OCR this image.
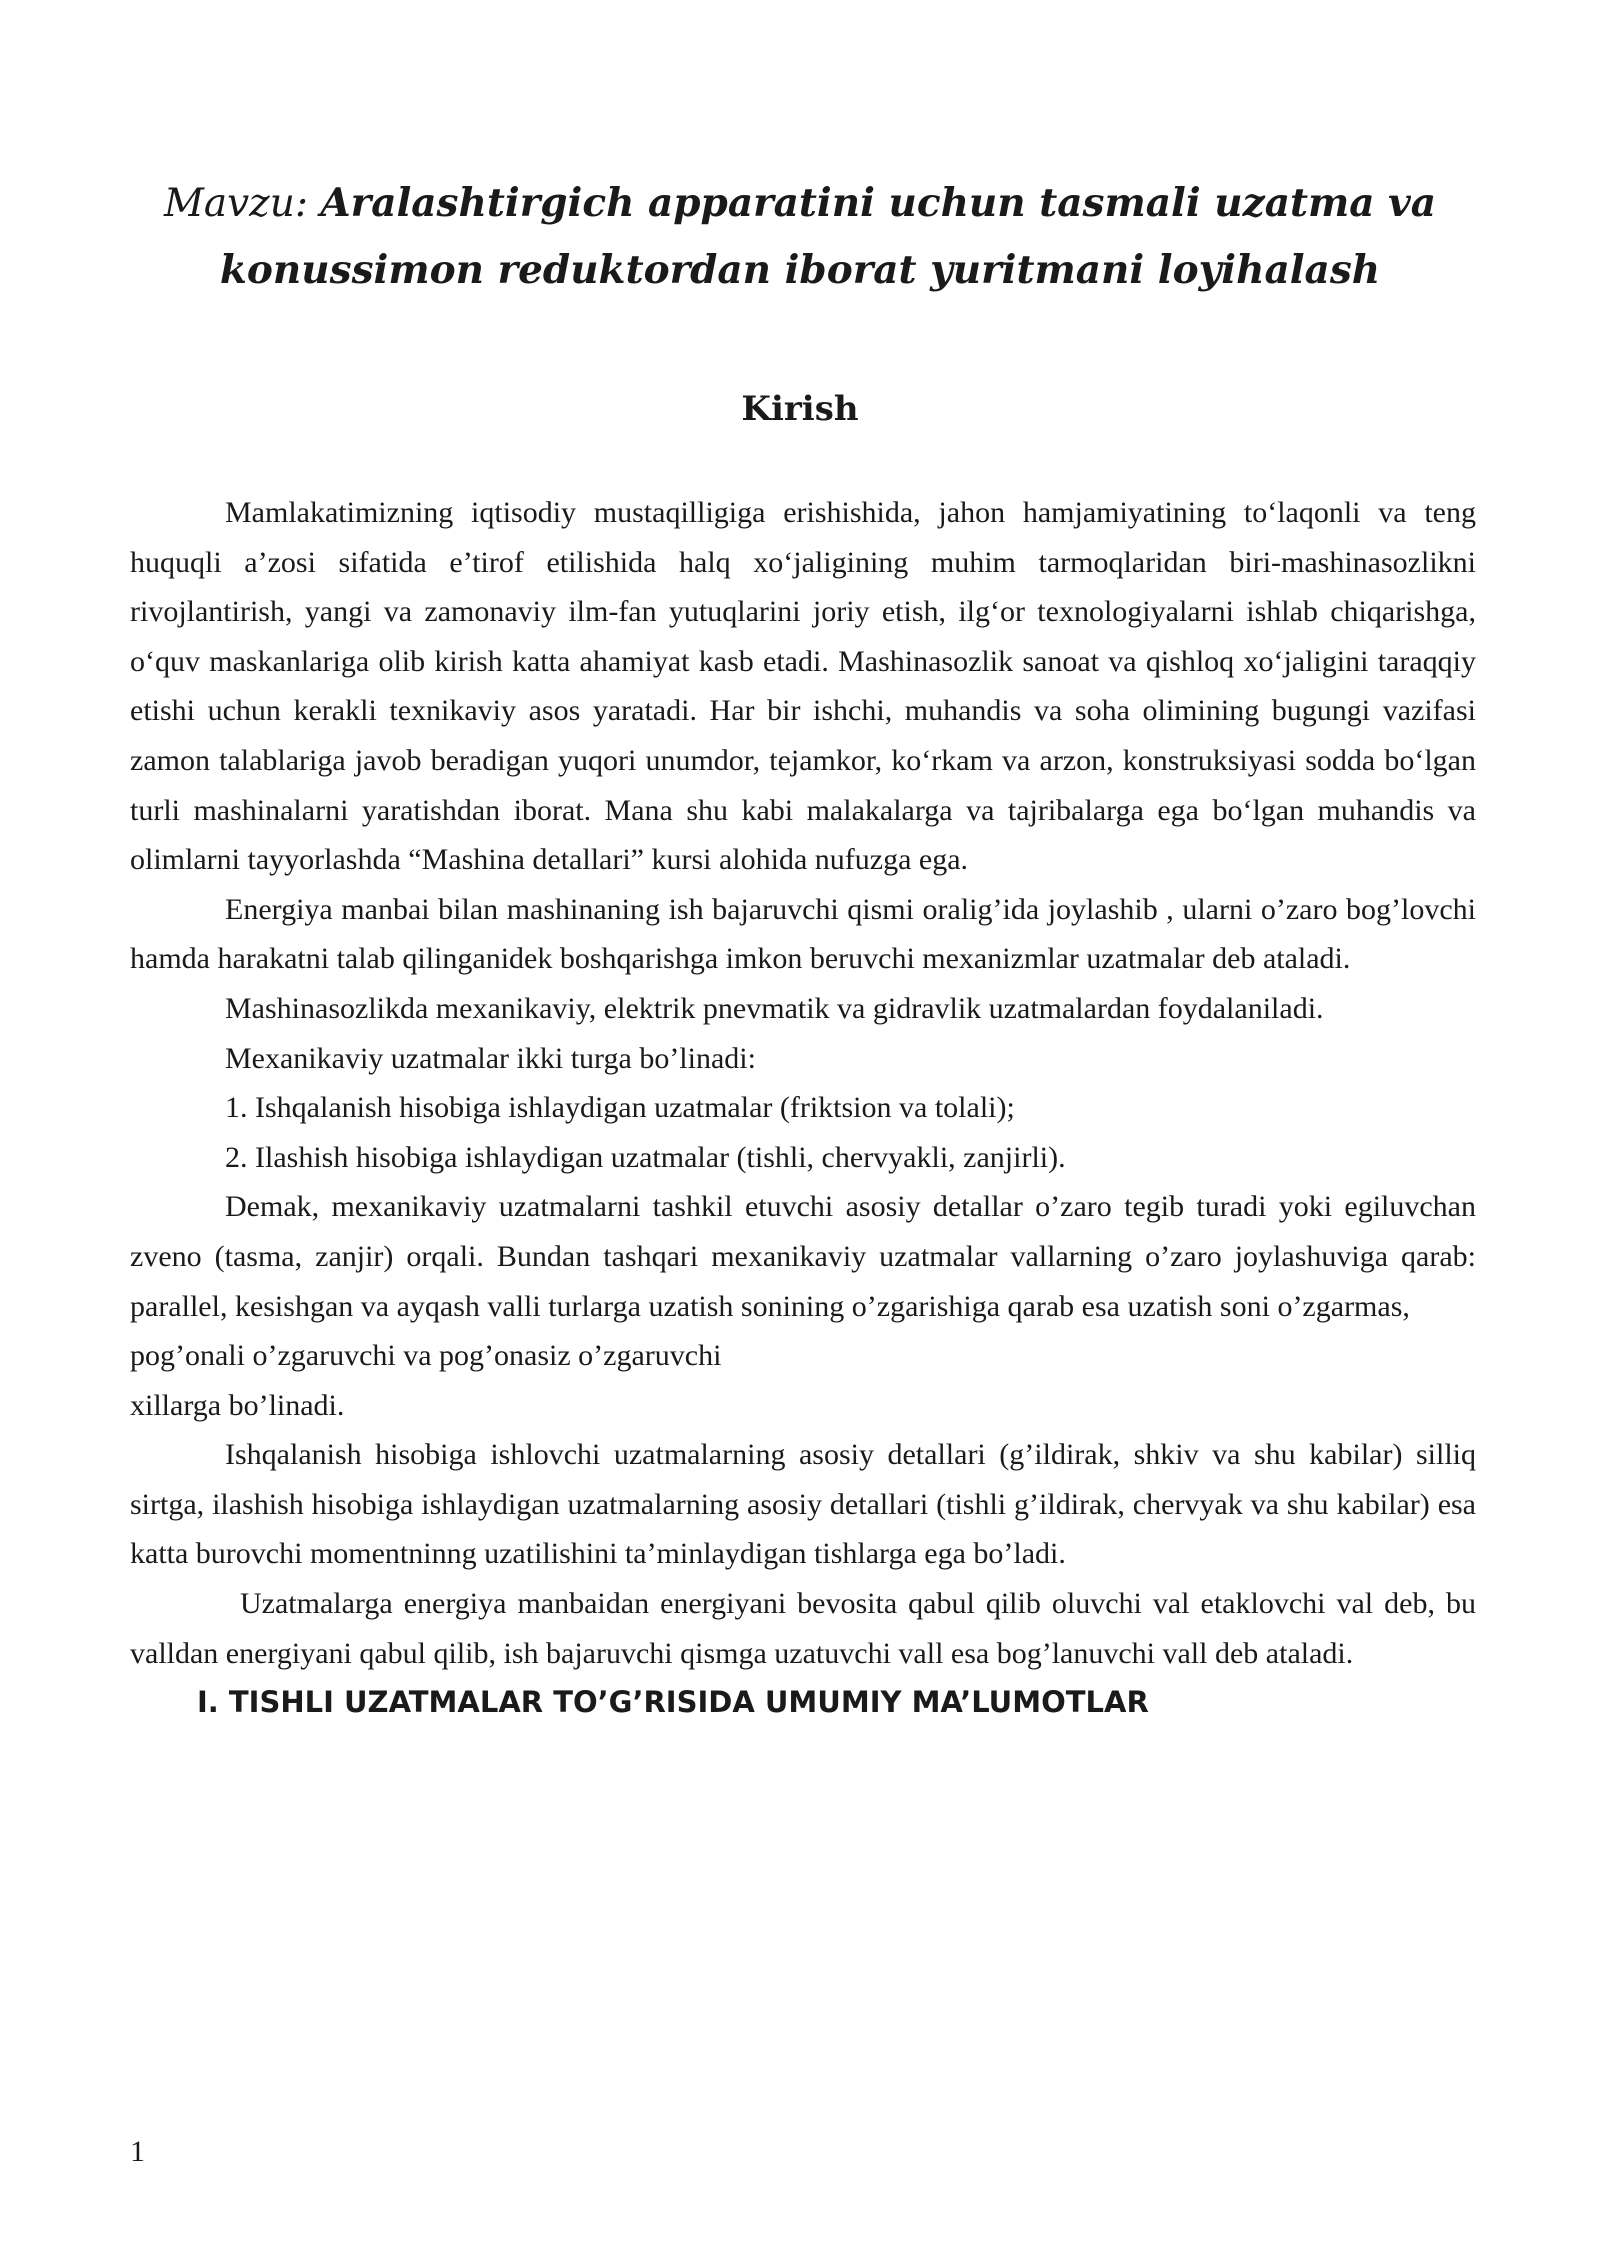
Mavzu: Aralashtirgich apparatini uchun tasmali uzatma va konussimon reduktordan iborat yuritmani loyihalash
Kirish

Mamlakatimizning iqtisodiy mustaqilligiga erishishida, jahon hamjamiyatining to‘laqonli va teng huquqli a’zosi sifatida e’tirof etilishida halq xo‘jaligining muhim tarmoqlaridan biri-mashinasozlikni rivojlantirish, yangi va zamonaviy ilm-fan yutuqlarini joriy etish, ilg‘or texnologiyalarni ishlab chiqarishga, o‘quv maskanlariga olib kirish katta ahamiyat kasb etadi. Mashinasozlik sanoat va qishloq xo‘jaligini taraqqiy etishi uchun kerakli texnikaviy asos yaratadi. Har bir ishchi, muhandis va soha olimining bugungi vazifasi zamon talablariga javob beradigan yuqori unumdor, tejamkor, ko‘rkam va arzon, konstruksiyasi sodda bo‘lgan turli mashinalarni yaratishdan iborat. Mana shu kabi malakalarga va tajribalarga ega bo‘lgan muhandis va olimlarni tayyorlashda “Mashina detallari” kursi alohida nufuzga ega.

Energiya manbai bilan mashinaning ish bajaruvchi qismi oralig’ida joylashib , ularni o’zaro bog’lovchi hamda harakatni talab qilinganidek boshqarishga imkon beruvchi mexanizmlar uzatmalar deb ataladi.

Mashinasozlikda mexanikaviy, elektrik pnevmatik va gidravlik uzatmalardan foydalaniladi.

Mexanikaviy uzatmalar ikki turga bo’linadi:

1. Ishqalanish hisobiga ishlaydigan uzatmalar (friktsion va tolali);

2. Ilashish hisobiga ishlaydigan uzatmalar (tishli, chervyakli, zanjirli).

Demak, mexanikaviy uzatmalarni tashkil etuvchi asosiy detallar o’zaro tegib turadi yoki egiluvchan zveno (tasma, zanjir) orqali. Bundan tashqari mexanikaviy uzatmalar vallarning o’zaro joylashuviga qarab: parallel, kesishgan va ayqash valli turlarga uzatish sonining o’zgarishiga qarab esa uzatish soni o’zgarmas,

pog’onali o’zgaruvchi va pog’onasiz o’zgaruvchi

xillarga bo’linadi.

Ishqalanish hisobiga ishlovchi uzatmalarning asosiy detallari (g’ildirak, shkiv va shu kabilar) silliq sirtga, ilashish hisobiga ishlaydigan uzatmalarning asosiy detallari (tishli g’ildirak, chervyak va shu kabilar) esa katta burovchi momentninng uzatilishini ta’minlaydigan tishlarga ega bo’ladi.

Uzatmalarga energiya manbaidan energiyani bevosita qabul qilib oluvchi val etaklovchi val deb, bu valldan energiyani qabul qilib, ish bajaruvchi qismga uzatuvchi vall esa bog’lanuvchi vall deb ataladi.

I. TISHLI UZATMALAR TO’G’RISIDA UMUMIY MA’LUMOTLAR

1
